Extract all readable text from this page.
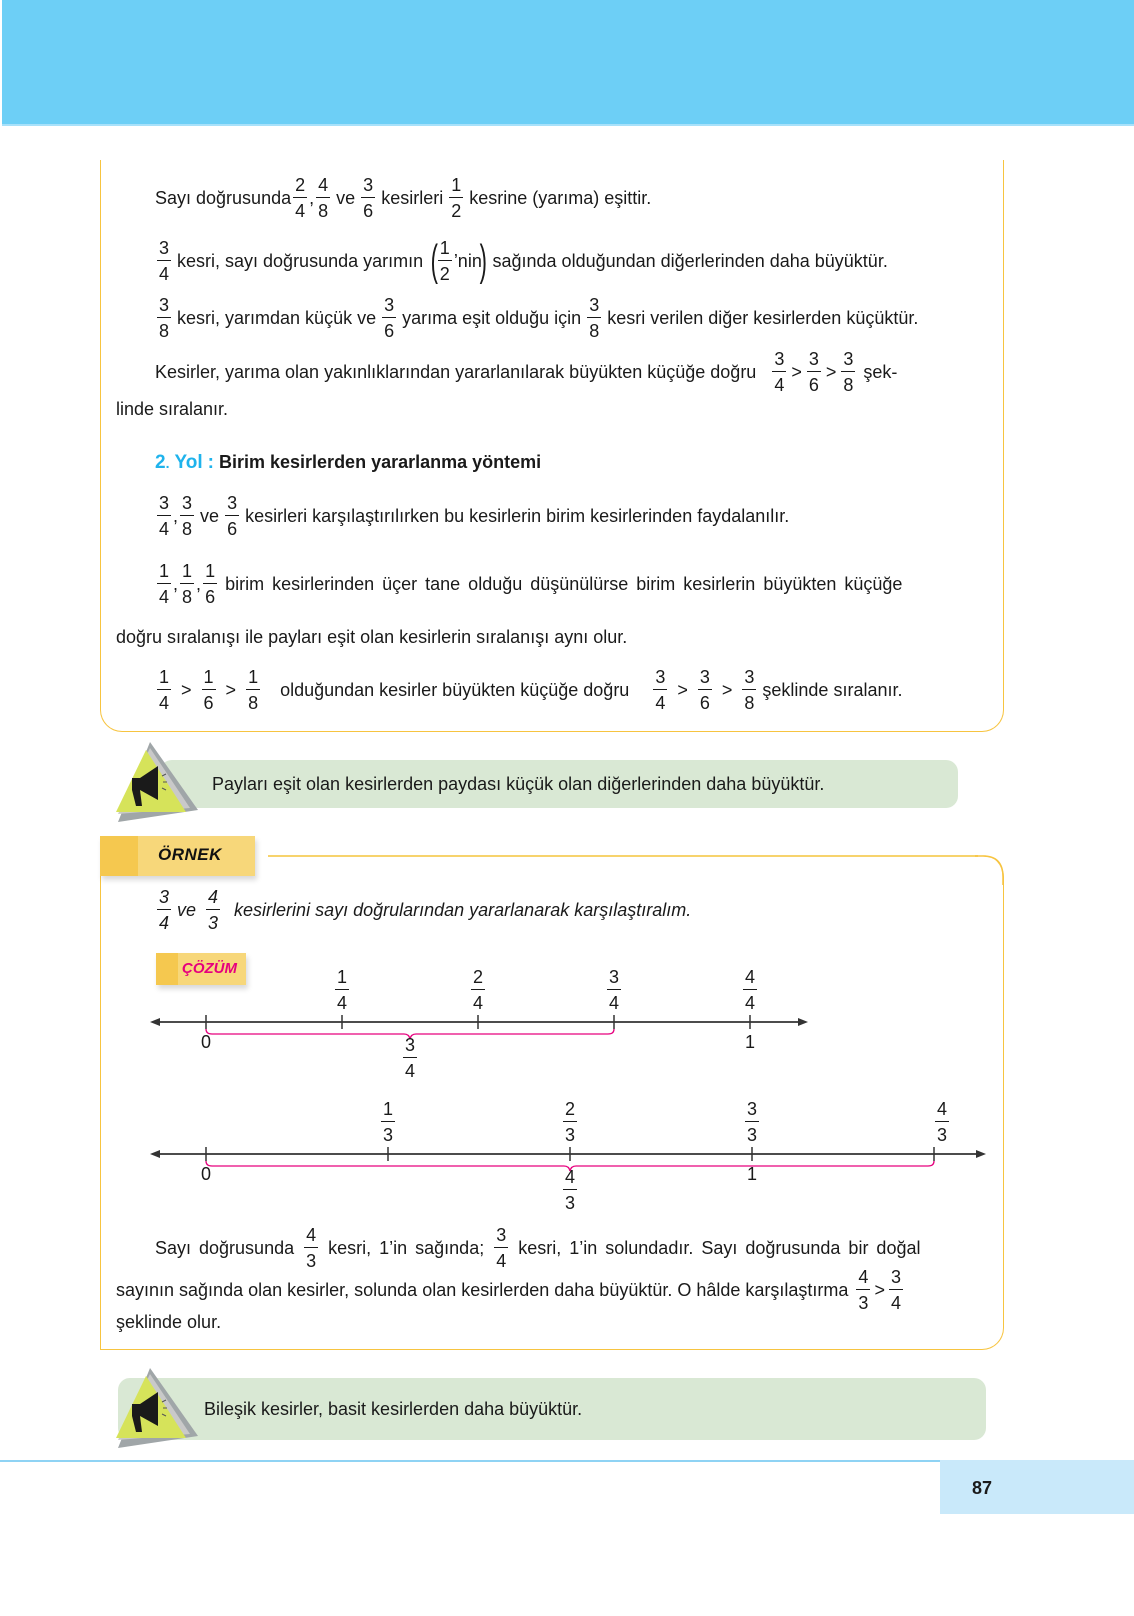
Sayı doğrusunda $\frac{2}{4}$ , $\frac{4}{8}$ ve $\frac{3}{6}$ kesirleri $\frac{1}{2}$ kesrine (yarıma) eşittir.
$\frac{3}{4}$ kesri, sayı doğrusunda yarımın ( $\frac{1}{2}$ ’nin
) sağında olduğundan diğerlerinden daha büyüktür.
$\frac{3}{8}$ kesri, yarımdan küçük ve $\frac{3}{6}$ yarıma eşit olduğu için $\frac{3}{8}$ kesri verilen diğer kesirlerden küçüktür.
Kesirler, yarıma olan yakınlıklarından yararlanılarak büyükten küçüğe doğru $\frac{3}{4} > \frac{3}{6} > \frac{3}{8}$ şek-
linde sıralanır.
2. Yol : Birim kesirlerden yararlanma yöntemi
$\frac{3}{4}$ , $\frac{3}{8}$ ve $\frac{3}{6}$ kesirleri karşılaştırılırken bu kesirlerin birim kesirlerinden faydalanılır.
$\frac{1}{4}$ , $\frac{1}{8}$ , $\frac{1}{6}$ birim kesirlerinden üçer tane olduğu düşünülürse birim kesirlerin büyükten küçüğe
doğru sıralanışı ile payları eşit olan kesirlerin sıralanışı aynı olur.
$\frac{1}{4} > \frac{1}{6} > \frac{1}{8}$ olduğundan kesirler büyükten küçüğe doğru $\frac{3}{4} > \frac{3}{6} > \frac{3}{8}$ şeklinde sıralanır.
Payları eşit olan kesirlerden paydası küçük olan diğerlerinden daha büyüktür.
ÖRNEK
$\frac{3}{4}$ ve $\frac{4}{3}$ kesirlerini sayı doğrularından yararlanarak karşılaştıralım.
ÇÖZÜM	$\frac{1}{4}$	$\frac{2}{4}$	$\frac{3}{4}$	$\frac{4}{4}$
0	1
$\frac{3}{4}$
$\frac{1}{3}$	$\frac{2}{3}$	$\frac{3}{3}$	$\frac{4}{3}$
0	1
$\frac{4}{3}$
Sayı doğrusunda $\frac{4}{3}$ kesri, 1’in sağında; $\frac{3}{4}$ kesri, 1’in solundadır. Sayı doğrusunda bir doğal
sayının sağında olan kesirler, solunda olan kesirlerden daha büyüktür. O hâlde karşılaştırma $\frac{4}{3} > \frac{3}{4}$
şeklinde olur.
Bileşik kesirler, basit kesirlerden daha büyüktür.
87
